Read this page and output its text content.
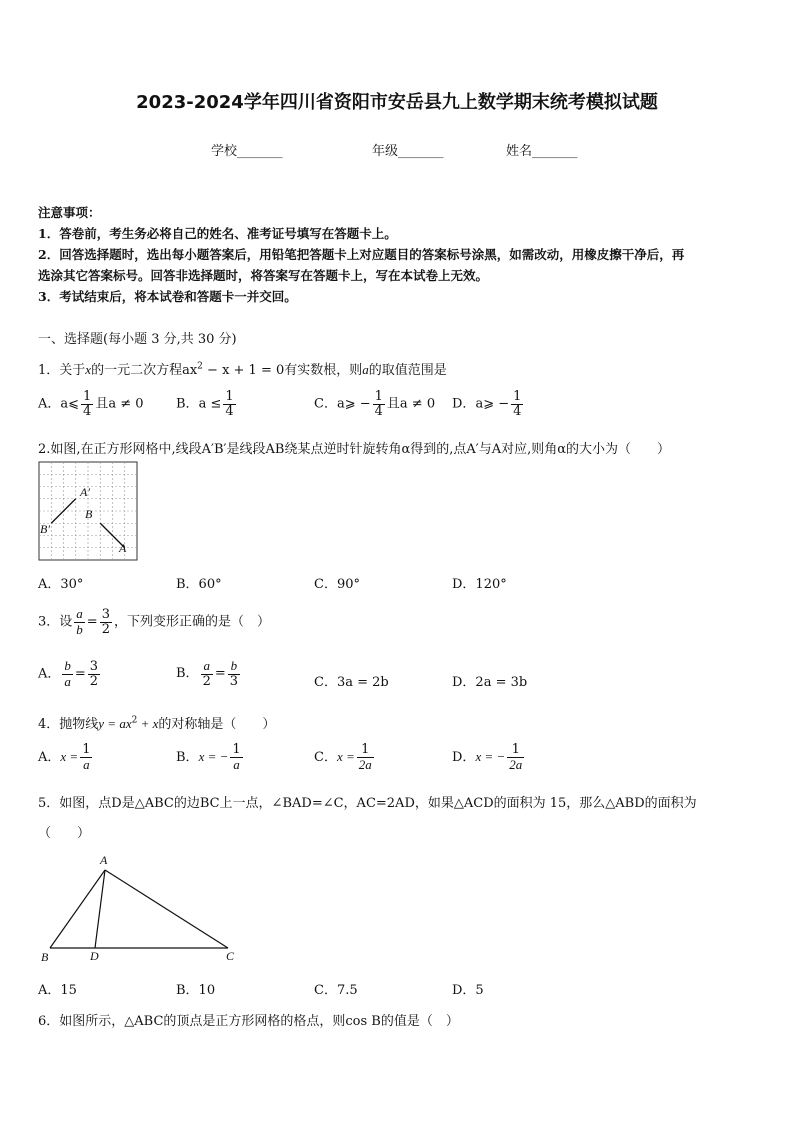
2023-2024学年四川省资阳市安岳县九上数学期末统考模拟试题
学校_______	年级_______	姓名_______
注意事项：
1．答卷前，考生务必将自己的姓名、准考证号填写在答题卡上。
2．回答选择题时，选出每小题答案后，用铅笔把答题卡上对应题目的答案标号涂黑，如需改动，用橡皮擦干净后，再
选涂其它答案标号。回答非选择题时，将答案写在答题卡上，写在本试卷上无效。
3．考试结束后，将本试卷和答题卡一并交回。
一、选择题(每小题 3 分,共 30 分)
1．关于x的一元二次方程$ax^2 - x + 1 = 0$有实数根，则a的取值范围是
A．a⩽ $\frac{1}{4}$ 且a ≠ 0 B．$a \le \frac{1}{4}$	C．a⩾ − $\frac{1}{4}$ 且a ≠ 0 D．a⩾ − $\frac{1}{4}$
2.如图,在正方形网格中,线段A′B′是线段AB绕某点逆时针旋转角α得到的,点A′与A对应,则角α的大小为（　　）
A′
B′
B
A
A．30°	B．60°	C．90°	D．120°
3．设 $\frac{a}{b} = \frac{3}{2}$ ，下列变形正确的是（　）
A． $\frac{b}{a} = \frac{3}{2}$	B． $\frac{a}{2} = \frac{b}{3}$	C．3a = 2b	D．2a = 3b
4．抛物线$y = ax^2 + x$的对称轴是（　　）
A．$x = \frac{1}{a}$	B．x = − $\frac{1}{a}$	C．$x = \frac{1}{2a}$	D．x = − $\frac{1}{2a}$
5．如图，点D是△ABC的边BC上一点，∠BAD=∠C，AC=2AD，如果△ACD的面积为 15，那么△ABD的面积为
（　　）
A
B	D	C
A．15	B．10	C．7.5	D．5
6．如图所示，△ABC的顶点是正方形网格的格点，则cos B的值是（　）
